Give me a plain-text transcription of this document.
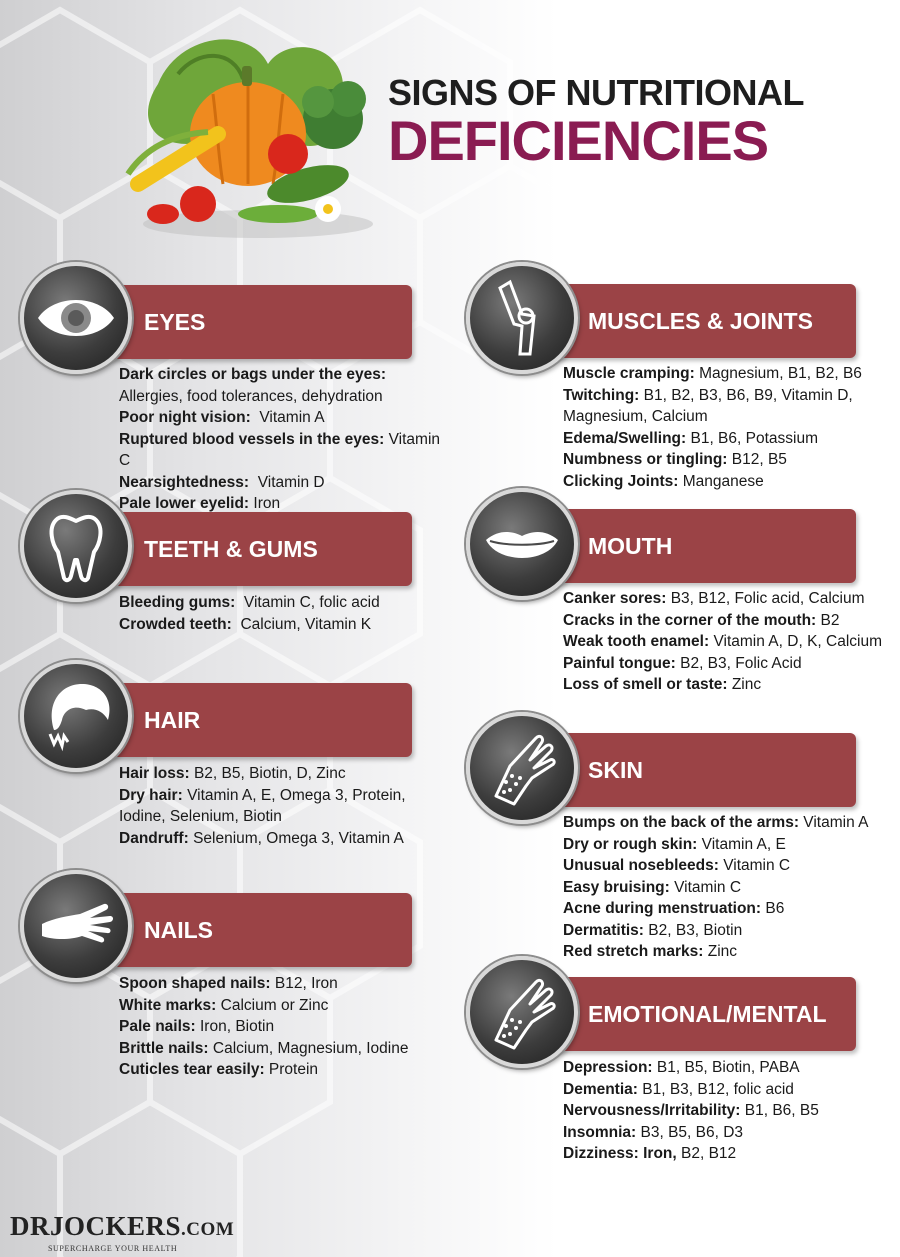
SIGNS OF NUTRITIONAL
DEFICIENCIES
EYES
Dark circles or bags under the eyes:
Allergies, food tolerances, dehydration
Poor night vision: Vitamin A
Ruptured blood vessels in the eyes: Vitamin C
Nearsightedness: Vitamin D
Pale lower eyelid: Iron
TEETH & GUMS
Bleeding gums: Vitamin C, folic acid
Crowded teeth: Calcium, Vitamin K
HAIR
Hair loss: B2, B5, Biotin, D, Zinc
Dry hair: Vitamin A, E, Omega 3, Protein, Iodine, Selenium, Biotin
Dandruff: Selenium, Omega 3, Vitamin A
NAILS
Spoon shaped nails: B12, Iron
White marks: Calcium or Zinc
Pale nails: Iron, Biotin
Brittle nails: Calcium, Magnesium, Iodine
Cuticles tear easily: Protein
MUSCLES & JOINTS
Muscle cramping: Magnesium, B1, B2, B6
Twitching: B1, B2, B3, B6, B9, Vitamin D, Magnesium, Calcium
Edema/Swelling: B1, B6, Potassium
Numbness or tingling: B12, B5
Clicking Joints: Manganese
MOUTH
Canker sores: B3, B12, Folic acid, Calcium
Cracks in the corner of the mouth: B2
Weak tooth enamel: Vitamin A, D, K, Calcium
Painful tongue: B2, B3, Folic Acid
Loss of smell or taste: Zinc
SKIN
Bumps on the back of the arms: Vitamin A
Dry or rough skin: Vitamin A, E
Unusual nosebleeds: Vitamin C
Easy bruising: Vitamin C
Acne during menstruation: B6
Dermatitis: B2, B3, Biotin
Red stretch marks: Zinc
EMOTIONAL/MENTAL
Depression: B1, B5, Biotin, PABA
Dementia: B1, B3, B12, folic acid
Nervousness/Irritability: B1, B6, B5
Insomnia: B3, B5, B6, D3
Dizziness: Iron, B2, B12
DRJOCKERS.COM
SUPERCHARGE YOUR HEALTH
